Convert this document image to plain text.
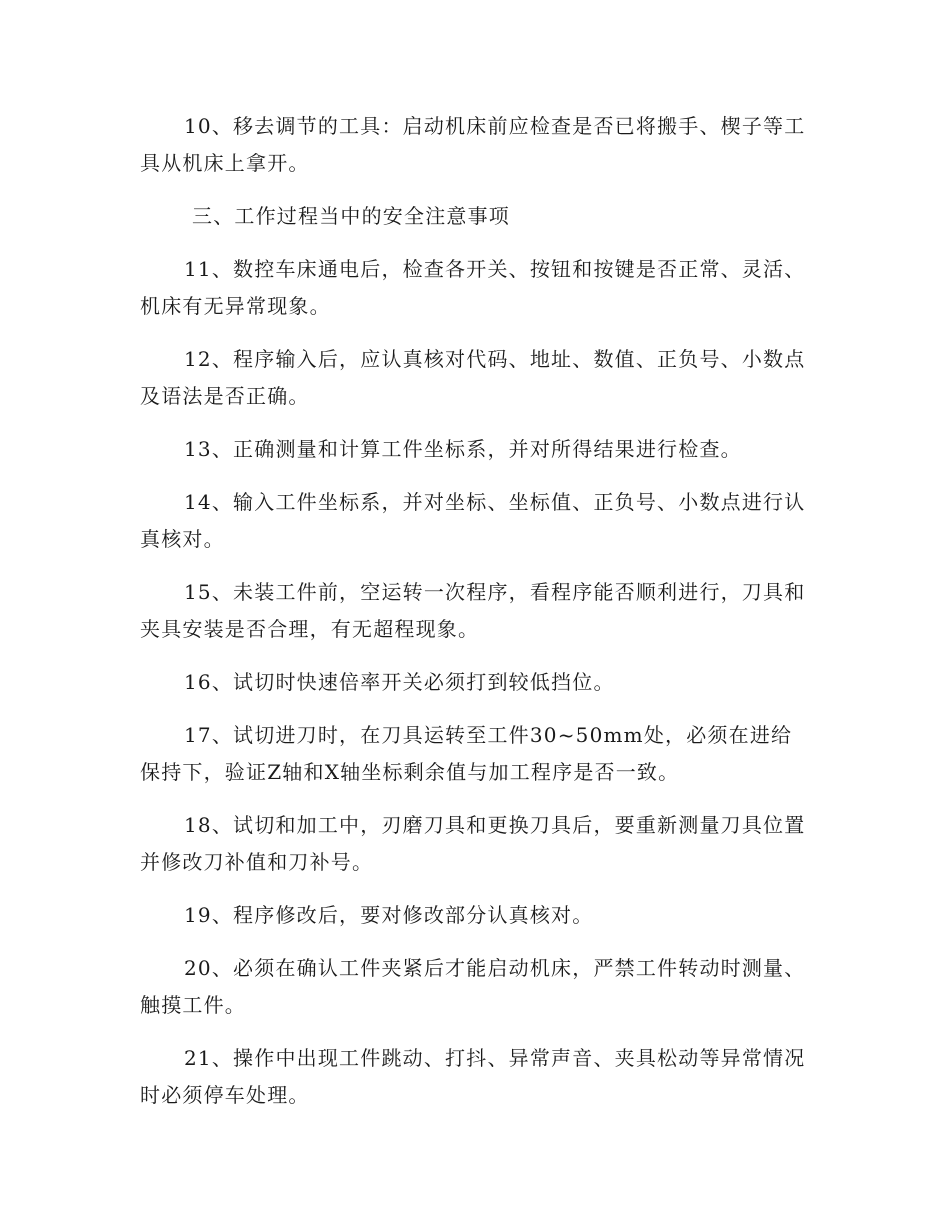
10、移去调节的工具：启动机床前应检查是否已将搬手、楔子等工具从机床上拿开。

三、工作过程当中的安全注意事项

11、数控车床通电后，检查各开关、按钮和按键是否正常、灵活、机床有无异常现象。

12、程序输入后，应认真核对代码、地址、数值、正负号、小数点及语法是否正确。

13、正确测量和计算工件坐标系，并对所得结果进行检查。

14、输入工件坐标系，并对坐标、坐标值、正负号、小数点进行认真核对。

15、未装工件前，空运转一次程序，看程序能否顺利进行，刀具和夹具安装是否合理，有无超程现象。

16、试切时快速倍率开关必须打到较低挡位。

17、试切进刀时，在刀具运转至工件30~50mm处，必须在进给保持下，验证Z轴和X轴坐标剩余值与加工程序是否一致。

18、试切和加工中，刃磨刀具和更换刀具后，要重新测量刀具位置并修改刀补值和刀补号。

19、程序修改后，要对修改部分认真核对。

20、必须在确认工件夹紧后才能启动机床，严禁工件转动时测量、触摸工件。

21、操作中出现工件跳动、打抖、异常声音、夹具松动等异常情况时必须停车处理。
